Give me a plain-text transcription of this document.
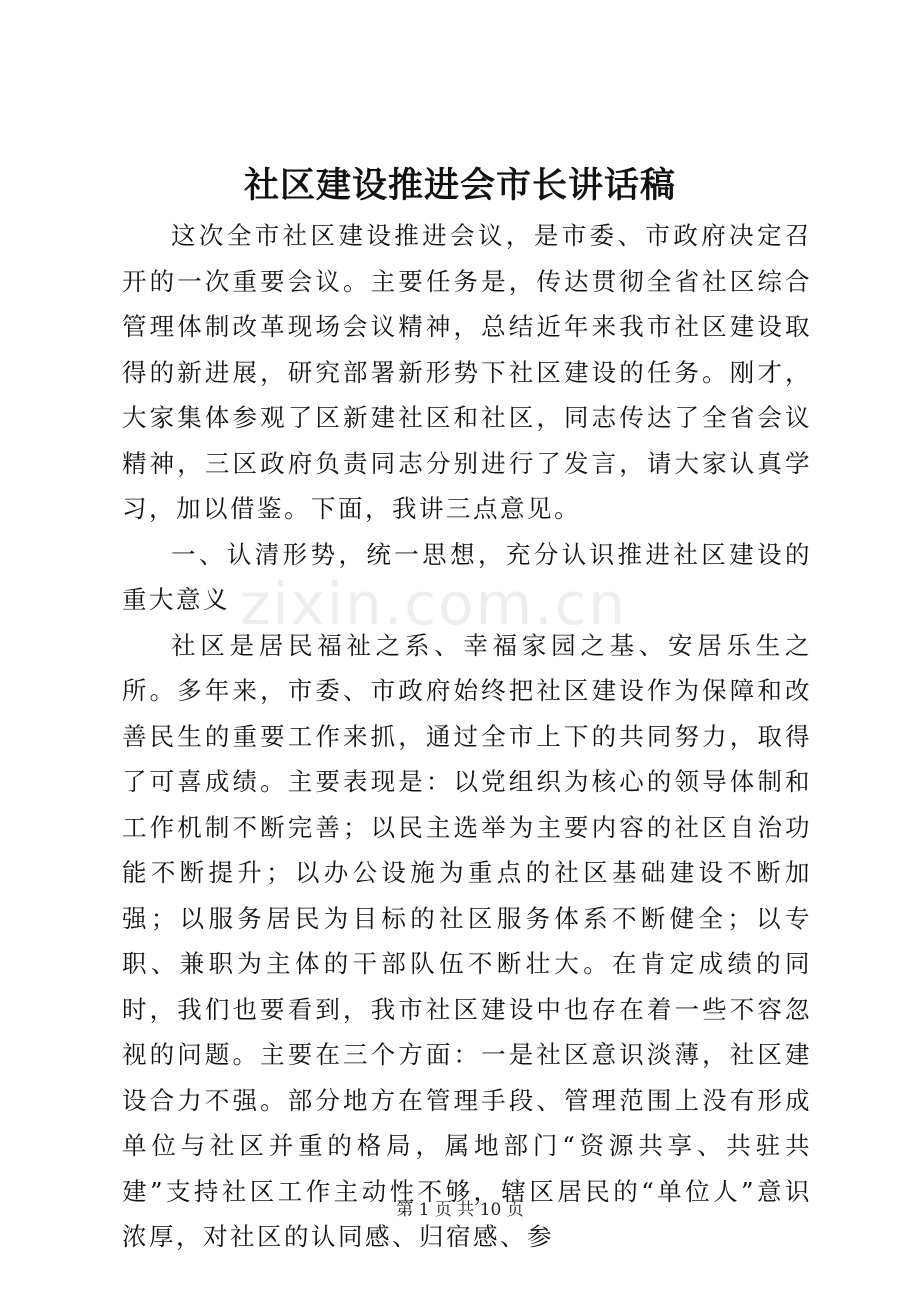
社区建设推进会市长讲话稿

这次全市社区建设推进会议，是市委、市政府决定召开的一次重要会议。主要任务是，传达贯彻全省社区综合管理体制改革现场会议精神，总结近年来我市社区建设取得的新进展，研究部署新形势下社区建设的任务。刚才，大家集体参观了区新建社区和社区，同志传达了全省会议精神，三区政府负责同志分别进行了发言，请大家认真学习，加以借鉴。下面，我讲三点意见。

一、认清形势，统一思想，充分认识推进社区建设的重大意义

社区是居民福祉之系、幸福家园之基、安居乐生之所。多年来，市委、市政府始终把社区建设作为保障和改善民生的重要工作来抓，通过全市上下的共同努力，取得了可喜成绩。主要表现是：以党组织为核心的领导体制和工作机制不断完善；以民主选举为主要内容的社区自治功能不断提升；以办公设施为重点的社区基础建设不断加强；以服务居民为目标的社区服务体系不断健全；以专职、兼职为主体的干部队伍不断壮大。在肯定成绩的同时，我们也要看到，我市社区建设中也存在着一些不容忽视的问题。主要在三个方面：一是社区意识淡薄，社区建设合力不强。部分地方在管理手段、管理范围上没有形成单位与社区并重的格局，属地部门“资源共享、共驻共建”支持社区工作主动性不够，辖区居民的“单位人”意识浓厚，对社区的认同感、归宿感、参

zixin.com.cn
第 1 页 共 10 页
